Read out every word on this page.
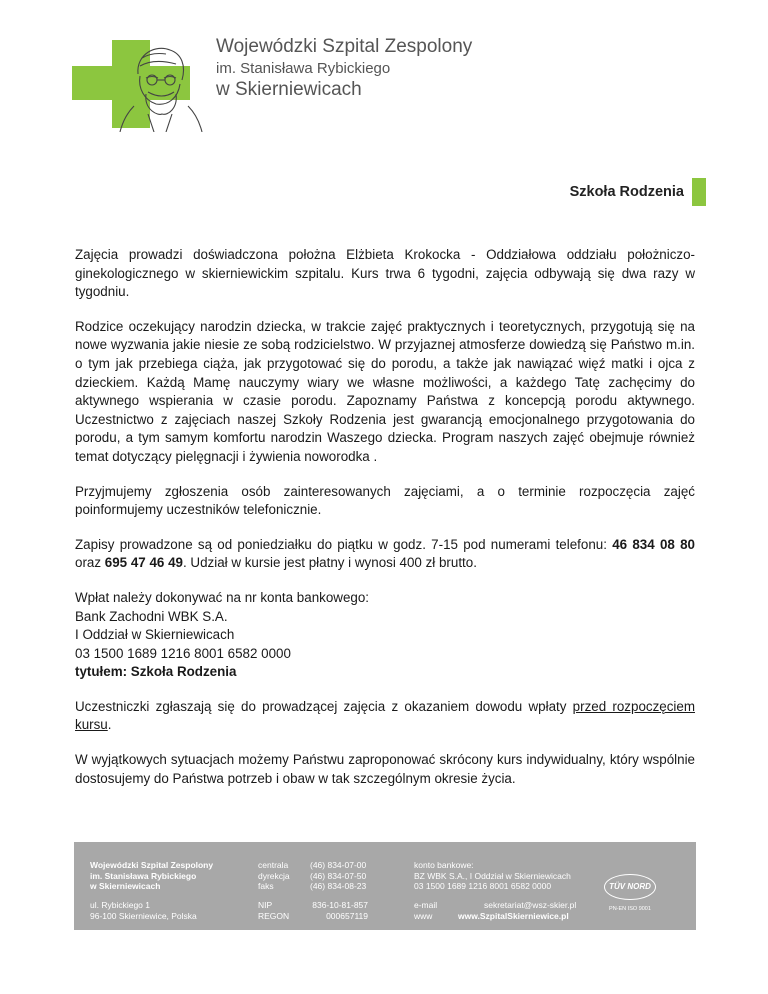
Wojewódzki Szpital Zespolony
im. Stanisława Rybickiego
w Skierniewicach
Szkoła Rodzenia

Zajęcia prowadzi doświadczona położna Elżbieta Krokocka - Oddziałowa oddziału położniczo-ginekologicznego w skierniewickim szpitalu. Kurs trwa 6 tygodni, zajęcia odbywają się dwa razy w tygodniu.

Rodzice oczekujący narodzin dziecka, w trakcie zajęć praktycznych i teoretycznych, przygotują się na nowe wyzwania jakie niesie ze sobą rodzicielstwo. W przyjaznej atmosferze dowiedzą się Państwo m.in. o tym jak przebiega ciąża, jak przygotować się do porodu, a także jak nawiązać więź matki i ojca z dzieckiem. Każdą Mamę nauczymy wiary we własne możliwości, a każdego Tatę zachęcimy do aktywnego wspierania w czasie porodu. Zapoznamy Państwa z koncepcją porodu aktywnego. Uczestnictwo z zajęciach naszej Szkoły Rodzenia jest gwarancją emocjonalnego przygotowania do porodu, a tym samym komfortu narodzin Waszego dziecka. Program naszych zajęć obejmuje również temat dotyczący pielęgnacji i żywienia noworodka .

Przyjmujemy zgłoszenia osób zainteresowanych zajęciami, a o terminie rozpoczęcia zajęć poinformujemy uczestników telefonicznie.

Zapisy prowadzone są od poniedziałku do piątku w godz. 7-15 pod numerami telefonu: 46 834 08 80 oraz 695 47 46 49. Udział w kursie jest płatny i wynosi 400 zł brutto.

Wpłat należy dokonywać na nr konta bankowego:
Bank Zachodni WBK S.A.
I Oddział w Skierniewicach
03 1500 1689 1216 8001 6582 0000
tytułem: Szkoła Rodzenia

Uczestniczki zgłaszają się do prowadzącej zajęcia z okazaniem dowodu wpłaty przed rozpoczęciem kursu.

W wyjątkowych sytuacjach możemy Państwu zaproponować skrócony kurs indywidualny, który wspólnie dostosujemy do Państwa potrzeb i obaw w tak szczególnym okresie życia.

Wojewódzki Szpital Zespolony
im. Stanisława Rybickiego
w Skierniewicach
ul. Rybickiego 1
96-100 Skierniewice, Polska
centrala
dyrekcja
faks
NIP
REGON
(46) 834-07-00
(46) 834-07-50
(46) 834-08-23
836-10-81-857
000657119
konto bankowe:
BZ WBK S.A., I Oddział w Skierniewicach
03 1500 1689 1216 8001 6582 0000
e-mail	sekretariat@wsz-skier.pl
www	www.SzpitalSkierniewice.pl
TÜV NORD
PN-EN ISO 9001
